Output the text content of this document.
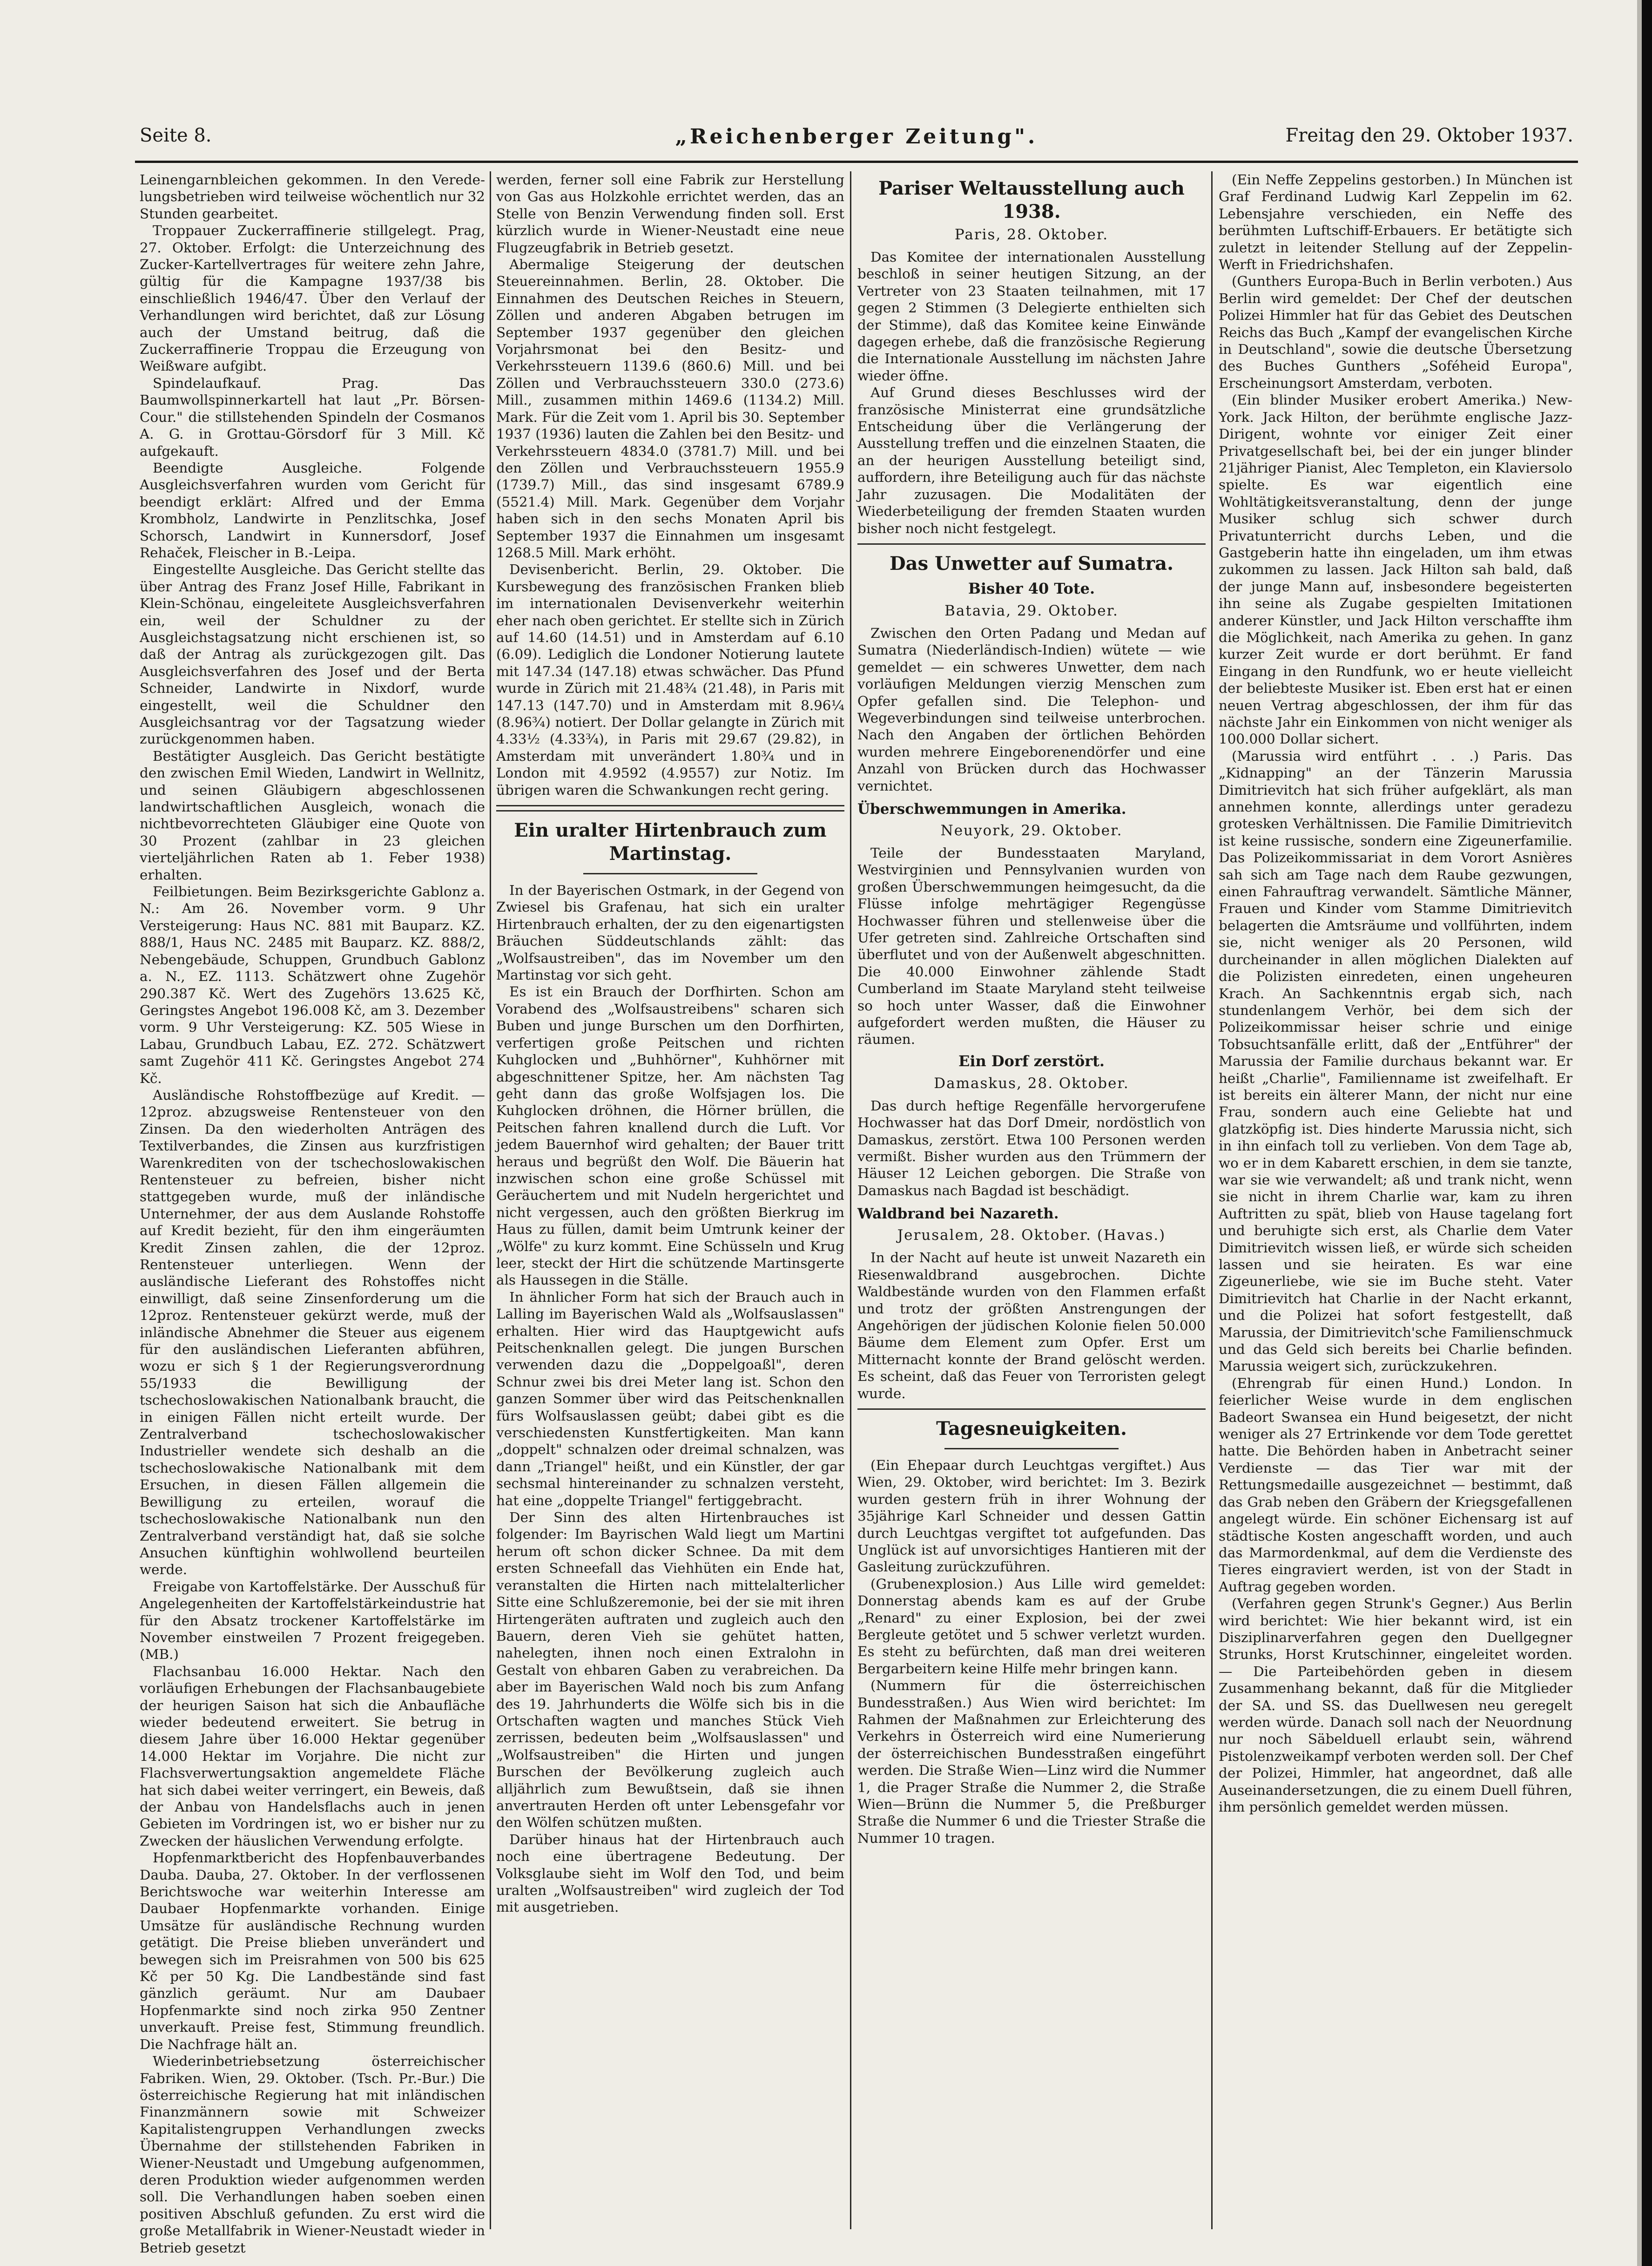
„Reichenberger Zeitung".
Seite 8.	Freitag den 29. Oktober 1937.

Leinengarnbleichen gekommen. In den Veredelungsbetrieben wird teilweise wöchentlich nur 32 Stunden gearbeitet.

Troppauer Zuckerraffinerie stillgelegt. Prag, 27. Oktober. Erfolgt: die Unterzeichnung des Zucker-Kartellvertrages für weitere zehn Jahre, gültig für die Kampagne 1937/38 bis einschließlich 1946/47. Über den Verlauf der Verhandlungen wird berichtet, daß zur Lösung auch der Umstand beitrug, daß die Zuckerraffinerie Troppau die Erzeugung von Weißware aufgibt.

Spindelaufkauf. Prag. Das Baumwollspinnerkartell hat laut „Pr. Börsen-Cour." die stillstehenden Spindeln der Cosmanos A. G. in Grottau-Görsdorf für 3 Mill. Kč aufgekauft.

Beendigte Ausgleiche. Folgende Ausgleichsverfahren wurden vom Gericht für beendigt erklärt: Alfred und der Emma Krombholz, Landwirte in Penzlitschka, Josef Schorsch, Landwirt in Kunnersdorf, Josef Rehaček, Fleischer in B.-Leipa.

Eingestellte Ausgleiche. Das Gericht stellte das über Antrag des Franz Josef Hille, Fabrikant in Klein-Schönau, eingeleitete Ausgleichsverfahren ein, weil der Schuldner zu der Ausgleichstagsatzung nicht erschienen ist, so daß der Antrag als zurückgezogen gilt. Das Ausgleichsverfahren des Josef und der Berta Schneider, Landwirte in Nixdorf, wurde eingestellt, weil die Schuldner den Ausgleichsantrag vor der Tagsatzung wieder zurückgenommen haben.

Bestätigter Ausgleich. Das Gericht bestätigte den zwischen Emil Wieden, Landwirt in Wellnitz, und seinen Gläubigern abgeschlossenen landwirtschaftlichen Ausgleich, wonach die nichtbevorrechteten Gläubiger eine Quote von 30 Prozent (zahlbar in 23 gleichen vierteljährlichen Raten ab 1. Feber 1938) erhalten.

Feilbietungen. Beim Bezirksgerichte Gablonz a. N.: Am 26. November vorm. 9 Uhr Versteigerung: Haus NC. 881 mit Bauparz. KZ. 888/1, Haus NC. 2485 mit Bauparz. KZ. 888/2, Nebengebäude, Schuppen, Grundbuch Gablonz a. N., EZ. 1113. Schätzwert ohne Zugehör 290.387 Kč. Wert des Zugehörs 13.625 Kč, Geringstes Angebot 196.008 Kč, am 3. Dezember vorm. 9 Uhr Versteigerung: KZ. 505 Wiese in Labau, Grundbuch Labau, EZ. 272. Schätzwert samt Zugehör 411 Kč. Geringstes Angebot 274 Kč.

Ausländische Rohstoffbezüge auf Kredit. — 12proz. abzugsweise Rentensteuer von den Zinsen. Da den wiederholten Anträgen des Textilverbandes, die Zinsen aus kurzfristigen Warenkrediten von der tschechoslowakischen Rentensteuer zu befreien, bisher nicht stattgegeben wurde, muß der inländische Unternehmer, der aus dem Auslande Rohstoffe auf Kredit bezieht, für den ihm eingeräumten Kredit Zinsen zahlen, die der 12proz. Rentensteuer unterliegen. Wenn der ausländische Lieferant des Rohstoffes nicht einwilligt, daß seine Zinsenforderung um die 12proz. Rentensteuer gekürzt werde, muß der inländische Abnehmer die Steuer aus eigenem für den ausländischen Lieferanten abführen, wozu er sich § 1 der Regierungsverordnung 55/1933 die Bewilligung der tschechoslowakischen Nationalbank braucht, die in einigen Fällen nicht erteilt wurde. Der Zentralverband tschechoslowakischer Industrieller wendete sich deshalb an die tschechoslowakische Nationalbank mit dem Ersuchen, in diesen Fällen allgemein die Bewilligung zu erteilen, worauf die tschechoslowakische Nationalbank nun den Zentralverband verständigt hat, daß sie solche Ansuchen künftighin wohlwollend beurteilen werde.

Freigabe von Kartoffelstärke. Der Ausschuß für Angelegenheiten der Kartoffelstärkeindustrie hat für den Absatz trockener Kartoffelstärke im November einstweilen 7 Prozent freigegeben. (MB.)

Flachsanbau 16.000 Hektar. Nach den vorläufigen Erhebungen der Flachsanbaugebiete der heurigen Saison hat sich die Anbaufläche wieder bedeutend erweitert. Sie betrug in diesem Jahre über 16.000 Hektar gegenüber 14.000 Hektar im Vorjahre. Die nicht zur Flachsverwertungsaktion angemeldete Fläche hat sich dabei weiter verringert, ein Beweis, daß der Anbau von Handelsflachs auch in jenen Gebieten im Vordringen ist, wo er bisher nur zu Zwecken der häuslichen Verwendung erfolgte.

Hopfenmarktbericht des Hopfenbauverbandes Dauba. Dauba, 27. Oktober. In der verflossenen Berichtswoche war weiterhin Interesse am Daubaer Hopfenmarkte vorhanden. Einige Umsätze für ausländische Rechnung wurden getätigt. Die Preise blieben unverändert und bewegen sich im Preisrahmen von 500 bis 625 Kč per 50 Kg. Die Landbestände sind fast gänzlich geräumt. Nur am Daubaer Hopfenmarkte sind noch zirka 950 Zentner unverkauft. Preise fest, Stimmung freundlich. Die Nachfrage hält an.

Wiederinbetriebsetzung österreichischer Fabriken. Wien, 29. Oktober. (Tsch. Pr.-Bur.) Die österreichische Regierung hat mit inländischen Finanzmännern sowie mit Schweizer Kapitalistengruppen Verhandlungen zwecks Übernahme der stillstehenden Fabriken in Wiener-Neustadt und Umgebung aufgenommen, deren Produktion wieder aufgenommen werden soll. Die Verhandlungen haben soeben einen positiven Abschluß gefunden. Zu erst wird die große Metallfabrik in Wiener-Neustadt wieder in Betrieb gesetzt

werden, ferner soll eine Fabrik zur Herstellung von Gas aus Holzkohle errichtet werden, das an Stelle von Benzin Verwendung finden soll. Erst kürzlich wurde in Wiener-Neustadt eine neue Flugzeugfabrik in Betrieb gesetzt.

Abermalige Steigerung der deutschen Steuereinnahmen. Berlin, 28. Oktober. Die Einnahmen des Deutschen Reiches in Steuern, Zöllen und anderen Abgaben betrugen im September 1937 gegenüber den gleichen Vorjahrsmonat bei den Besitz- und Verkehrssteuern 1139.6 (860.6) Mill. und bei Zöllen und Verbrauchssteuern 330.0 (273.6) Mill., zusammen mithin 1469.6 (1134.2) Mill. Mark. Für die Zeit vom 1. April bis 30. September 1937 (1936) lauten die Zahlen bei den Besitz- und Verkehrssteuern 4834.0 (3781.7) Mill. und bei den Zöllen und Verbrauchssteuern 1955.9 (1739.7) Mill., das sind insgesamt 6789.9 (5521.4) Mill. Mark. Gegenüber dem Vorjahr haben sich in den sechs Monaten April bis September 1937 die Einnahmen um insgesamt 1268.5 Mill. Mark erhöht.

Devisenbericht. Berlin, 29. Oktober. Die Kursbewegung des französischen Franken blieb im internationalen Devisenverkehr weiterhin eher nach oben gerichtet. Er stellte sich in Zürich auf 14.60 (14.51) und in Amsterdam auf 6.10 (6.09). Lediglich die Londoner Notierung lautete mit 147.34 (147.18) etwas schwächer. Das Pfund wurde in Zürich mit 21.48¾ (21.48), in Paris mit 147.13 (147.70) und in Amsterdam mit 8.96¼ (8.96¾) notiert. Der Dollar gelangte in Zürich mit 4.33½ (4.33¾), in Paris mit 29.67 (29.82), in Amsterdam mit unverändert 1.80¾ und in London mit 4.9592 (4.9557) zur Notiz. Im übrigen waren die Schwankungen recht gering.

Ein uralter Hirtenbrauch zum Martinstag.

In der Bayerischen Ostmark, in der Gegend von Zwiesel bis Grafenau, hat sich ein uralter Hirtenbrauch erhalten, der zu den eigenartigsten Bräuchen Süddeutschlands zählt: das „Wolfsaustreiben", das im November um den Martinstag vor sich geht.

Es ist ein Brauch der Dorfhirten. Schon am Vorabend des „Wolfsaustreibens" scharen sich Buben und junge Burschen um den Dorfhirten, verfertigen große Peitschen und richten Kuhglocken und „Buhhörner", Kuhhörner mit abgeschnittener Spitze, her. Am nächsten Tag geht dann das große Wolfsjagen los. Die Kuhglocken dröhnen, die Hörner brüllen, die Peitschen fahren knallend durch die Luft. Vor jedem Bauernhof wird gehalten; der Bauer tritt heraus und begrüßt den Wolf. Die Bäuerin hat inzwischen schon eine große Schüssel mit Geräuchertem und mit Nudeln hergerichtet und nicht vergessen, auch den größten Bierkrug im Haus zu füllen, damit beim Umtrunk keiner der „Wölfe" zu kurz kommt. Eine Schüsseln und Krug leer, steckt der Hirt die schützende Martinsgerte als Haussegen in die Ställe.

In ähnlicher Form hat sich der Brauch auch in Lalling im Bayerischen Wald als „Wolfsauslassen" erhalten. Hier wird das Hauptgewicht aufs Peitschenknallen gelegt. Die jungen Burschen verwenden dazu die „Doppelgoaßl", deren Schnur zwei bis drei Meter lang ist. Schon den ganzen Sommer über wird das Peitschenknallen fürs Wolfsauslassen geübt; dabei gibt es die verschiedensten Kunstfertigkeiten. Man kann „doppelt" schnalzen oder dreimal schnalzen, was dann „Triangel" heißt, und ein Künstler, der gar sechsmal hintereinander zu schnalzen versteht, hat eine „doppelte Triangel" fertiggebracht.

Der Sinn des alten Hirtenbrauches ist folgender: Im Bayrischen Wald liegt um Martini herum oft schon dicker Schnee. Da mit dem ersten Schneefall das Viehhüten ein Ende hat, veranstalten die Hirten nach mittelalterlicher Sitte eine Schlußzeremonie, bei der sie mit ihren Hirtengeräten auftraten und zugleich auch den Bauern, deren Vieh sie gehütet hatten, nahelegten, ihnen noch einen Extralohn in Gestalt von ehbaren Gaben zu verabreichen. Da aber im Bayerischen Wald noch bis zum Anfang des 19. Jahrhunderts die Wölfe sich bis in die Ortschaften wagten und manches Stück Vieh zerrissen, bedeuten beim „Wolfsauslassen" und „Wolfsaustreiben" die Hirten und jungen Burschen der Bevölkerung zugleich auch alljährlich zum Bewußtsein, daß sie ihnen anvertrauten Herden oft unter Lebensgefahr vor den Wölfen schützen mußten.

Darüber hinaus hat der Hirtenbrauch auch noch eine übertragene Bedeutung. Der Volksglaube sieht im Wolf den Tod, und beim uralten „Wolfsaustreiben" wird zugleich der Tod mit ausgetrieben.

Pariser Weltausstellung auch 1938.
Paris, 28. Oktober.

Das Komitee der internationalen Ausstellung beschloß in seiner heutigen Sitzung, an der Vertreter von 23 Staaten teilnahmen, mit 17 gegen 2 Stimmen (3 Delegierte enthielten sich der Stimme), daß das Komitee keine Einwände dagegen erhebe, daß die französische Regierung die Internationale Ausstellung im nächsten Jahre wieder öffne.

Auf Grund dieses Beschlusses wird der französische Ministerrat eine grundsätzliche Entscheidung über die Verlängerung der Ausstellung treffen und die einzelnen Staaten, die an der heurigen Ausstellung beteiligt sind, auffordern, ihre Beteiligung auch für das nächste Jahr zuzusagen. Die Modalitäten der Wiederbeteiligung der fremden Staaten wurden bisher noch nicht festgelegt.

Das Unwetter auf Sumatra.
Bisher 40 Tote.
Batavia, 29. Oktober.

Zwischen den Orten Padang und Medan auf Sumatra (Niederländisch-Indien) wütete — wie gemeldet — ein schweres Unwetter, dem nach vorläufigen Meldungen vierzig Menschen zum Opfer gefallen sind. Die Telephon- und Wegeverbindungen sind teilweise unterbrochen. Nach den Angaben der örtlichen Behörden wurden mehrere Eingeborenendörfer und eine Anzahl von Brücken durch das Hochwasser vernichtet.

Überschwemmungen in Amerika.
Neuyork, 29. Oktober.

Teile der Bundesstaaten Maryland, Westvirginien und Pennsylvanien wurden von großen Überschwemmungen heimgesucht, da die Flüsse infolge mehrtägiger Regengüsse Hochwasser führen und stellenweise über die Ufer getreten sind. Zahlreiche Ortschaften sind überflutet und von der Außenwelt abgeschnitten. Die 40.000 Einwohner zählende Stadt Cumberland im Staate Maryland steht teilweise so hoch unter Wasser, daß die Einwohner aufgefordert werden mußten, die Häuser zu räumen.

Ein Dorf zerstört.
Damaskus, 28. Oktober.

Das durch heftige Regenfälle hervorgerufene Hochwasser hat das Dorf Dmeir, nordöstlich von Damaskus, zerstört. Etwa 100 Personen werden vermißt. Bisher wurden aus den Trümmern der Häuser 12 Leichen geborgen. Die Straße von Damaskus nach Bagdad ist beschädigt.

Waldbrand bei Nazareth.
Jerusalem, 28. Oktober. (Havas.)

In der Nacht auf heute ist unweit Nazareth ein Riesenwaldbrand ausgebrochen. Dichte Waldbestände wurden von den Flammen erfaßt und trotz der größten Anstrengungen der Angehörigen der jüdischen Kolonie fielen 50.000 Bäume dem Element zum Opfer. Erst um Mitternacht konnte der Brand gelöscht werden. Es scheint, daß das Feuer von Terroristen gelegt wurde.

Tagesneuigkeiten.

(Ein Ehepaar durch Leuchtgas vergiftet.) Aus Wien, 29. Oktober, wird berichtet: Im 3. Bezirk wurden gestern früh in ihrer Wohnung der 35jährige Karl Schneider und dessen Gattin durch Leuchtgas vergiftet tot aufgefunden. Das Unglück ist auf unvorsichtiges Hantieren mit der Gasleitung zurückzuführen.

(Grubenexplosion.) Aus Lille wird gemeldet: Donnerstag abends kam es auf der Grube „Renard" zu einer Explosion, bei der zwei Bergleute getötet und 5 schwer verletzt wurden. Es steht zu befürchten, daß man drei weiteren Bergarbeitern keine Hilfe mehr bringen kann.

(Nummern für die österreichischen Bundesstraßen.) Aus Wien wird berichtet: Im Rahmen der Maßnahmen zur Erleichterung des Verkehrs in Österreich wird eine Numerierung der österreichischen Bundesstraßen eingeführt werden. Die Straße Wien—Linz wird die Nummer 1, die Prager Straße die Nummer 2, die Straße Wien—Brünn die Nummer 5, die Preßburger Straße die Nummer 6 und die Triester Straße die Nummer 10 tragen.

(Ein Neffe Zeppelins gestorben.) In München ist Graf Ferdinand Ludwig Karl Zeppelin im 62. Lebensjahre verschieden, ein Neffe des berühmten Luftschiff-Erbauers. Er betätigte sich zuletzt in leitender Stellung auf der Zeppelin-Werft in Friedrichshafen.

(Gunthers Europa-Buch in Berlin verboten.) Aus Berlin wird gemeldet: Der Chef der deutschen Polizei Himmler hat für das Gebiet des Deutschen Reichs das Buch „Kampf der evangelischen Kirche in Deutschland", sowie die deutsche Übersetzung des Buches Gunthers „Soféheid Europa", Erscheinungsort Amsterdam, verboten.

(Ein blinder Musiker erobert Amerika.) New-York. Jack Hilton, der berühmte englische Jazz-Dirigent, wohnte vor einiger Zeit einer Privatgesellschaft bei, bei der ein junger blinder 21jähriger Pianist, Alec Templeton, ein Klaviersolo spielte. Es war eigentlich eine Wohltätigkeitsveranstaltung, denn der junge Musiker schlug sich schwer durch Privatunterricht durchs Leben, und die Gastgeberin hatte ihn eingeladen, um ihm etwas zukommen zu lassen. Jack Hilton sah bald, daß der junge Mann auf, insbesondere begeisterten ihn seine als Zugabe gespielten Imitationen anderer Künstler, und Jack Hilton verschaffte ihm die Möglichkeit, nach Amerika zu gehen. In ganz kurzer Zeit wurde er dort berühmt. Er fand Eingang in den Rundfunk, wo er heute vielleicht der beliebteste Musiker ist. Eben erst hat er einen neuen Vertrag abgeschlossen, der ihm für das nächste Jahr ein Einkommen von nicht weniger als 100.000 Dollar sichert.

(Marussia wird entführt . . .) Paris. Das „Kidnapping" an der Tänzerin Marussia Dimitrievitch hat sich früher aufgeklärt, als man annehmen konnte, allerdings unter geradezu grotesken Verhältnissen. Die Familie Dimitrievitch ist keine russische, sondern eine Zigeunerfamilie. Das Polizeikommissariat in dem Vorort Asnières sah sich am Tage nach dem Raube gezwungen, einen Fahrauftrag verwandelt. Sämtliche Männer, Frauen und Kinder vom Stamme Dimitrievitch belagerten die Amtsräume und vollführten, indem sie, nicht weniger als 20 Personen, wild durcheinander in allen möglichen Dialekten auf die Polizisten einredeten, einen ungeheuren Krach. An Sachkenntnis ergab sich, nach stundenlangem Verhör, bei dem sich der Polizeikommissar heiser schrie und einige Tobsuchtsanfälle erlitt, daß der „Entführer" der Marussia der Familie durchaus bekannt war. Er heißt „Charlie", Familienname ist zweifelhaft. Er ist bereits ein älterer Mann, der nicht nur eine Frau, sondern auch eine Geliebte hat und glatzköpfig ist. Dies hinderte Marussia nicht, sich in ihn einfach toll zu verlieben. Von dem Tage ab, wo er in dem Kabarett erschien, in dem sie tanzte, war sie wie verwandelt; aß und trank nicht, wenn sie nicht in ihrem Charlie war, kam zu ihren Auftritten zu spät, blieb von Hause tagelang fort und beruhigte sich erst, als Charlie dem Vater Dimitrievitch wissen ließ, er würde sich scheiden lassen und sie heiraten. Es war eine Zigeunerliebe, wie sie im Buche steht. Vater Dimitrievitch hat Charlie in der Nacht erkannt, und die Polizei hat sofort festgestellt, daß Marussia, der Dimitrievitch'sche Familienschmuck und das Geld sich bereits bei Charlie befinden. Marussia weigert sich, zurückzukehren.

(Ehrengrab für einen Hund.) London. In feierlicher Weise wurde in dem englischen Badeort Swansea ein Hund beigesetzt, der nicht weniger als 27 Ertrinkende vor dem Tode gerettet hatte. Die Behörden haben in Anbetracht seiner Verdienste — das Tier war mit der Rettungsmedaille ausgezeichnet — bestimmt, daß das Grab neben den Gräbern der Kriegsgefallenen angelegt würde. Ein schöner Eichensarg ist auf städtische Kosten angeschafft worden, und auch das Marmordenkmal, auf dem die Verdienste des Tieres eingraviert werden, ist von der Stadt in Auftrag gegeben worden.

(Verfahren gegen Strunk's Gegner.) Aus Berlin wird berichtet: Wie hier bekannt wird, ist ein Disziplinarverfahren gegen den Duellgegner Strunks, Horst Krutschinner, eingeleitet worden. — Die Parteibehörden geben in diesem Zusammenhang bekannt, daß für die Mitglieder der SA. und SS. das Duellwesen neu geregelt werden würde. Danach soll nach der Neuordnung nur noch Säbelduell erlaubt sein, während Pistolenzweikampf verboten werden soll. Der Chef der Polizei, Himmler, hat angeordnet, daß alle Auseinandersetzungen, die zu einem Duell führen, ihm persönlich gemeldet werden müssen.
